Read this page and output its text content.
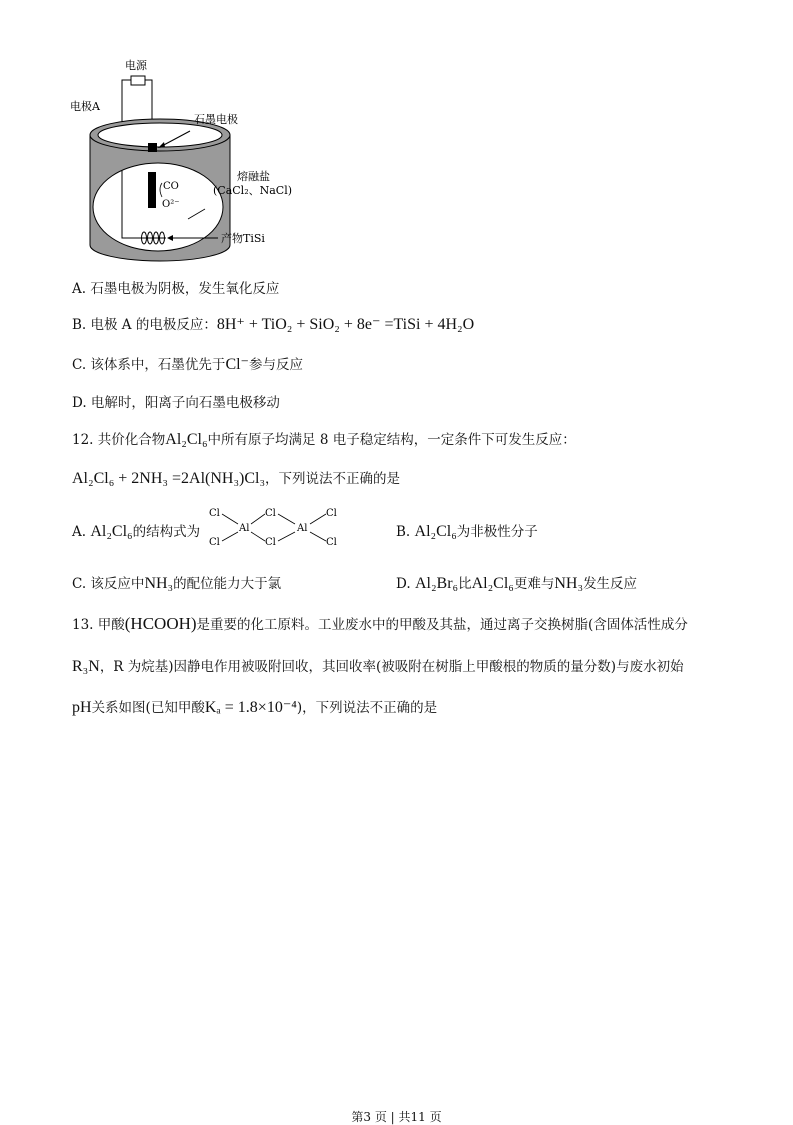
电源
电极A
石墨电极
熔融盐
(CaCl₂、NaCl)
CO
O²⁻
产物TiSi
A. 石墨电极为阴极，发生氧化反应
B. 电极 A 的电极反应：8H⁺ + TiO₂ + SiO₂ + 8e⁻ =TiSi + 4H₂O
C. 该体系中，石墨优先于Cl⁻参与反应
D. 电解时，阳离子向石墨电极移动
12. 共价化合物Al₂Cl₆中所有原子均满足 8 电子稳定结构，一定条件下可发生反应：
Al₂Cl₆ + 2NH₃ =2Al(NH₃)Cl₃，下列说法不正确的是
A. Al₂Cl₆的结构式为
Cl
Cl
Al
Cl
Cl
Al
Cl
Cl
B. Al₂Cl₆为非极性分子
C. 该反应中NH₃的配位能力大于氯	D. Al₂Br₆比Al₂Cl₆更难与NH₃发生反应
13. 甲酸(HCOOH)是重要的化工原料。工业废水中的甲酸及其盐，通过离子交换树脂(含固体活性成分
R₃N，R 为烷基)因静电作用被吸附回收，其回收率(被吸附在树脂上甲酸根的物质的量分数)与废水初始
pH关系如图(已知甲酸Kₐ = 1.8×10⁻⁴)，下列说法不正确的是
第3 页 | 共11 页
